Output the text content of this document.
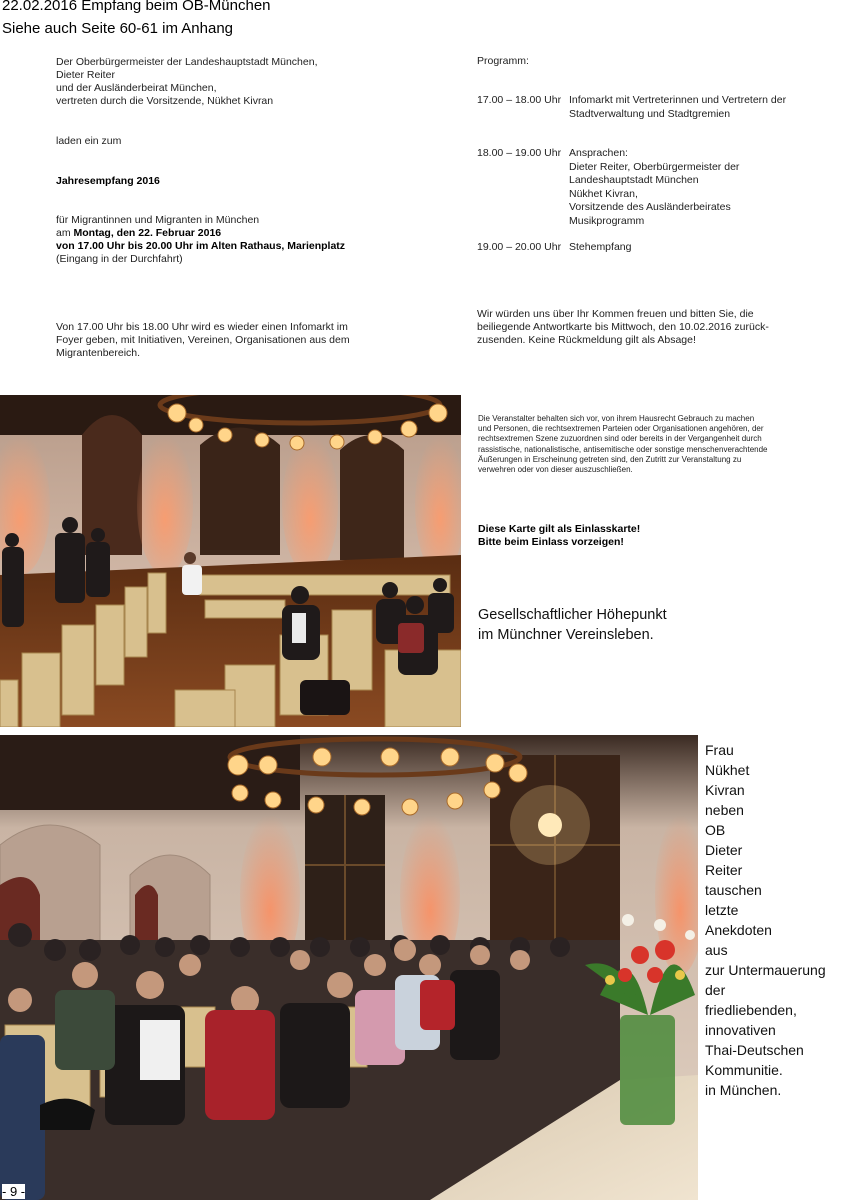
22.02.2016 Empfang beim OB-München
Siehe auch Seite 60-61 im Anhang
Der Oberbürgermeister der Landeshauptstadt München,
Dieter Reiter
und der Ausländerbeirat München,
vertreten durch die Vorsitzende, Nükhet Kivran
laden ein zum
Jahresempfang 2016
für Migrantinnen und Migranten in München
am Montag, den 22. Februar 2016
von 17.00 Uhr bis 20.00 Uhr im Alten Rathaus, Marienplatz
(Eingang in der Durchfahrt)
Von 17.00 Uhr bis 18.00 Uhr wird es wieder einen Infomarkt im
Foyer geben, mit Initiativen, Vereinen, Organisationen aus dem
Migrantenbereich.
Programm:
17.00 – 18.00 Uhr Infomarkt mit Vertreterinnen und Vertretern der
Stadtverwaltung und Stadtgremien
18.00 – 19.00 Uhr Ansprachen:
Dieter Reiter, Oberbürgermeister der
Landeshauptstadt München
Nükhet Kivran,
Vorsitzende des Ausländerbeirates
Musikprogramm
19.00 – 20.00 Uhr Stehempfang
Wir würden uns über Ihr Kommen freuen und bitten Sie, die
beiliegende Antwortkarte bis Mittwoch, den 10.02.2016 zurück-
zusenden. Keine Rückmeldung gilt als Absage!
Die Veranstalter behalten sich vor, von ihrem Hausrecht Gebrauch zu machen
und Personen, die rechtsextremen Parteien oder Organisationen angehören, der
rechtsextremen Szene zuzuordnen sind oder bereits in der Vergangenheit durch
rassistische, nationalistische, antisemitische oder sonstige menschenverachtende
Äußerungen in Erscheinung getreten sind, den Zutritt zur Veranstaltung zu
verwehren oder von dieser auszuschließen.
Diese Karte gilt als Einlasskarte!
Bitte beim Einlass vorzeigen!
Gesellschaftlicher Höhepunkt
im Münchner Vereinsleben.
Frau
Nükhet
Kivran
neben
OB
Dieter
Reiter
tauschen
letzte
Anekdoten
aus
zur Untermauerung
der
friedliebenden,
innovativen
Thai-Deutschen
Kommunitie.
in München.
- 9 -
